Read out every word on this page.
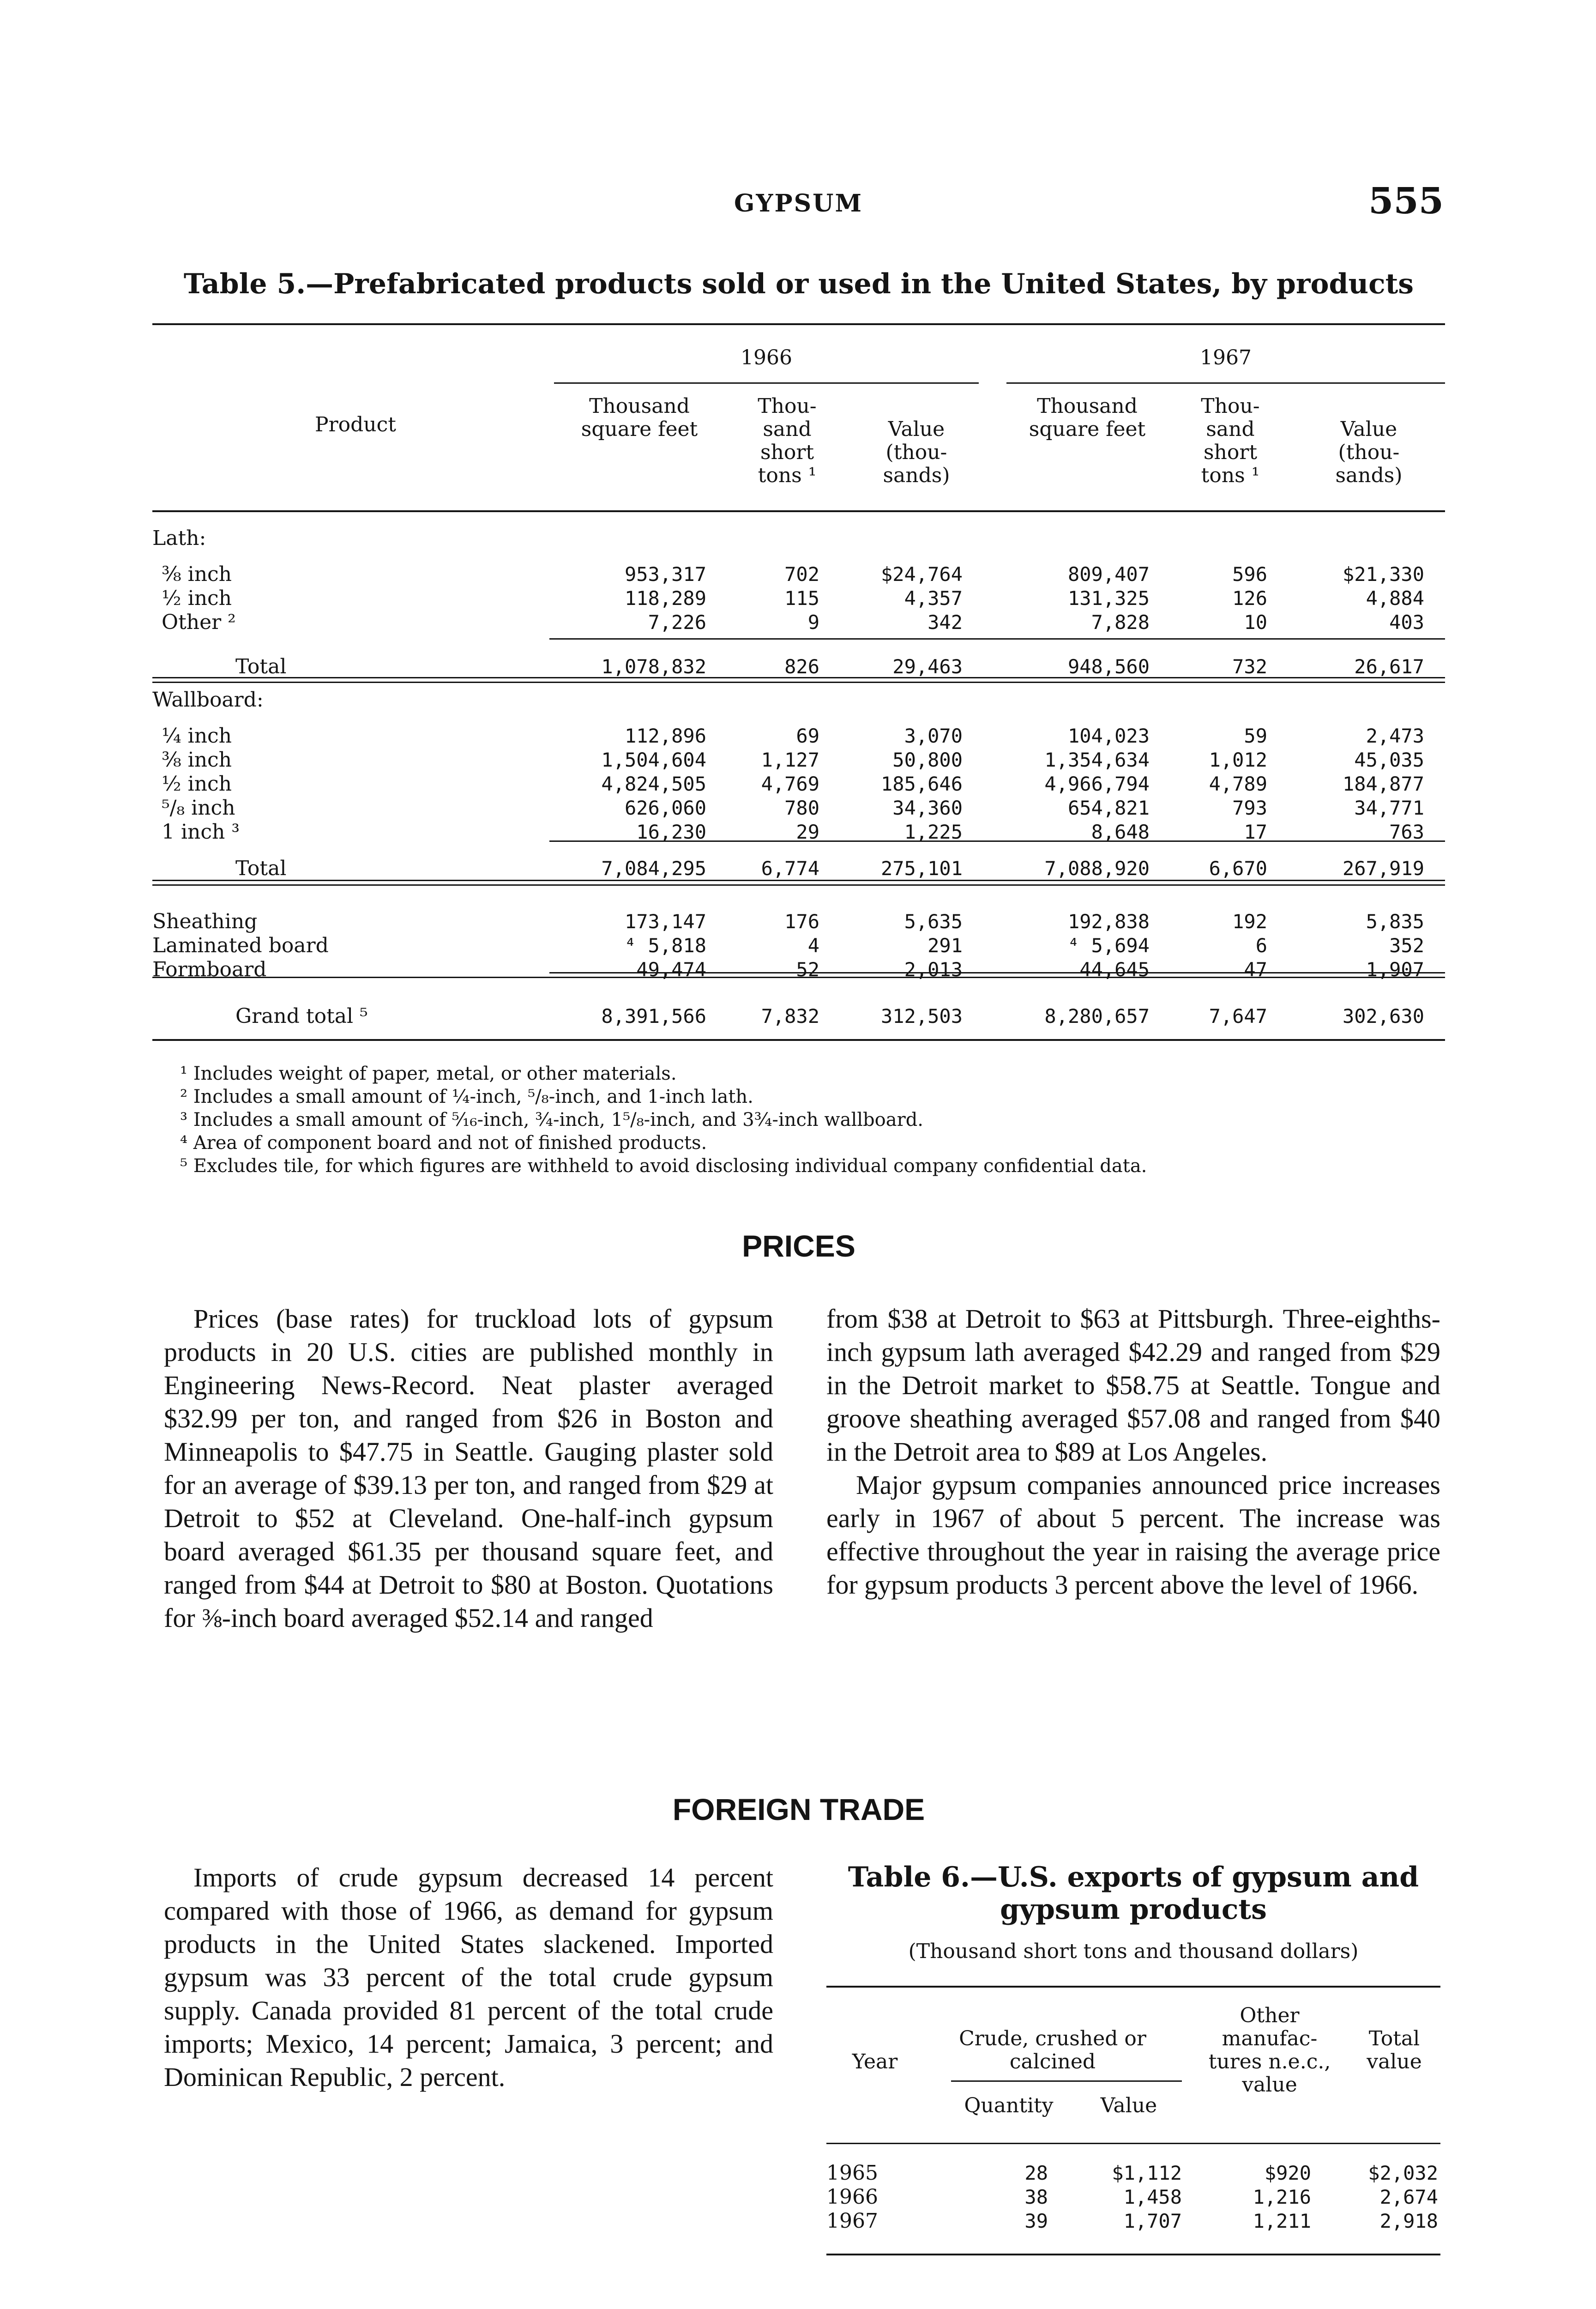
GYPSUM	555
Table 5.—Prefabricated products sold or used in the United States, by products
1966	1967
Product
Thousand square feet
Thou- sand short tons ¹
Value (thou- sands)
Thousand square feet
Thou- sand short tons ¹
Value (thou- sands)
Lath:
Wallboard:
⅜ inch	953,317	702	$24,764	809,407	596	$21,330
½ inch	118,289	115	4,357	131,325	126	4,884
Other ²	7,226	9	342	7,828	10	403
Total	1,078,832	826	29,463	948,560	732	26,617
¼ inch	112,896	69	3,070	104,023	59	2,473
⅜ inch	1,504,604	1,127	50,800	1,354,634	1,012	45,035
½ inch	4,824,505	4,769	185,646	4,966,794	4,789	184,877
⁵/₈ inch	626,060	780	34,360	654,821	793	34,771
1 inch ³	16,230	29	1,225	8,648	17	763
Total	7,084,295	6,774	275,101	7,088,920	6,670	267,919
Sheathing	173,147	176	5,635	192,838	192	5,835
Laminated board	⁴ 5,818	4	291	⁴ 5,694	6	352
Formboard	49,474	52	2,013	44,645	47	1,907
Grand total ⁵	8,391,566	7,832	312,503	8,280,657	7,647	302,630
¹ Includes weight of paper, metal, or other materials.
² Includes a small amount of ¼-inch, ⁵/₈-inch, and 1-inch lath.
³ Includes a small amount of ⁵⁄₁₆-inch, ¾-inch, 1⁵/₈-inch, and 3¾-inch wallboard.
⁴ Area of component board and not of finished products.
⁵ Excludes tile, for which figures are withheld to avoid disclosing individual company confidential data.
PRICES

Prices (base rates) for truckload lots of gypsum products in 20 U.S. cities are published monthly in Engineering News-Record. Neat plaster averaged $32.99 per ton, and ranged from $26 in Boston and Minneapolis to $47.75 in Seattle. Gauging plaster sold for an average of $39.13 per ton, and ranged from $29 at Detroit to $52 at Cleveland. One-half-inch gypsum board averaged $61.35 per thousand square feet, and ranged from $44 at Detroit to $80 at Boston. Quotations for ⅜-inch board averaged $52.14 and ranged

from $38 at Detroit to $63 at Pittsburgh. Three-eighths-inch gypsum lath averaged $42.29 and ranged from $29 in the Detroit market to $58.75 at Seattle. Tongue and groove sheathing averaged $57.08 and ranged from $40 in the Detroit area to $89 at Los Angeles.

Major gypsum companies announced price increases early in 1967 of about 5 percent. The increase was effective throughout the year in raising the average price for gypsum products 3 percent above the level of 1966.

FOREIGN TRADE

Imports of crude gypsum decreased 14 percent compared with those of 1966, as demand for gypsum products in the United States slackened. Imported gypsum was 33 percent of the total crude gypsum supply. Canada provided 81 percent of the total crude imports; Mexico, 14 percent; Jamaica, 3 percent; and Dominican Republic, 2 percent.

Table 6.—U.S. exports of gypsum and gypsum products
(Thousand short tons and thousand dollars)
Year
Crude, crushed or calcined
Quantity	Value
Other manufac- tures n.e.c., value
Total value
1965	28	$1,112	$920	$2,032
1966	38	1,458	1,216	2,674
1967	39	1,707	1,211	2,918
